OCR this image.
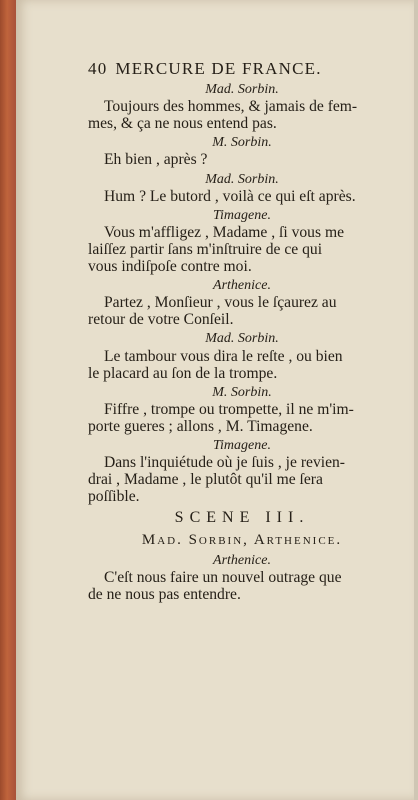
40 MERCURE DE FRANCE.
Mad. Sorbin.
Toujours des hommes, & jamais de fem-
mes, & ça ne nous entend pas.
M. Sorbin.
Eh bien , après ?
Mad. Sorbin.
Hum ? Le butord , voilà ce qui eſt après.
Timagene.
Vous m'affligez , Madame , ſi vous me
laiſſez partir ſans m'inſtruire de ce qui
vous indiſpoſe contre moi.
Arthenice.
Partez , Monſieur , vous le ſçaurez au
retour de votre Conſeil.
Mad. Sorbin.
Le tambour vous dira le reſte , ou bien
le placard au ſon de la trompe.
M. Sorbin.
Fiffre , trompe ou trompette, il ne m'im-
porte gueres ; allons , M. Timagene.
Timagene.
Dans l'inquiétude où je ſuis , je revien-
drai , Madame , le plutôt qu'il me ſera
poſſible.
SCENE III.
Mad. Sorbin, Arthenice.
Arthenice.
C'eſt nous faire un nouvel outrage que
de ne nous pas entendre.
